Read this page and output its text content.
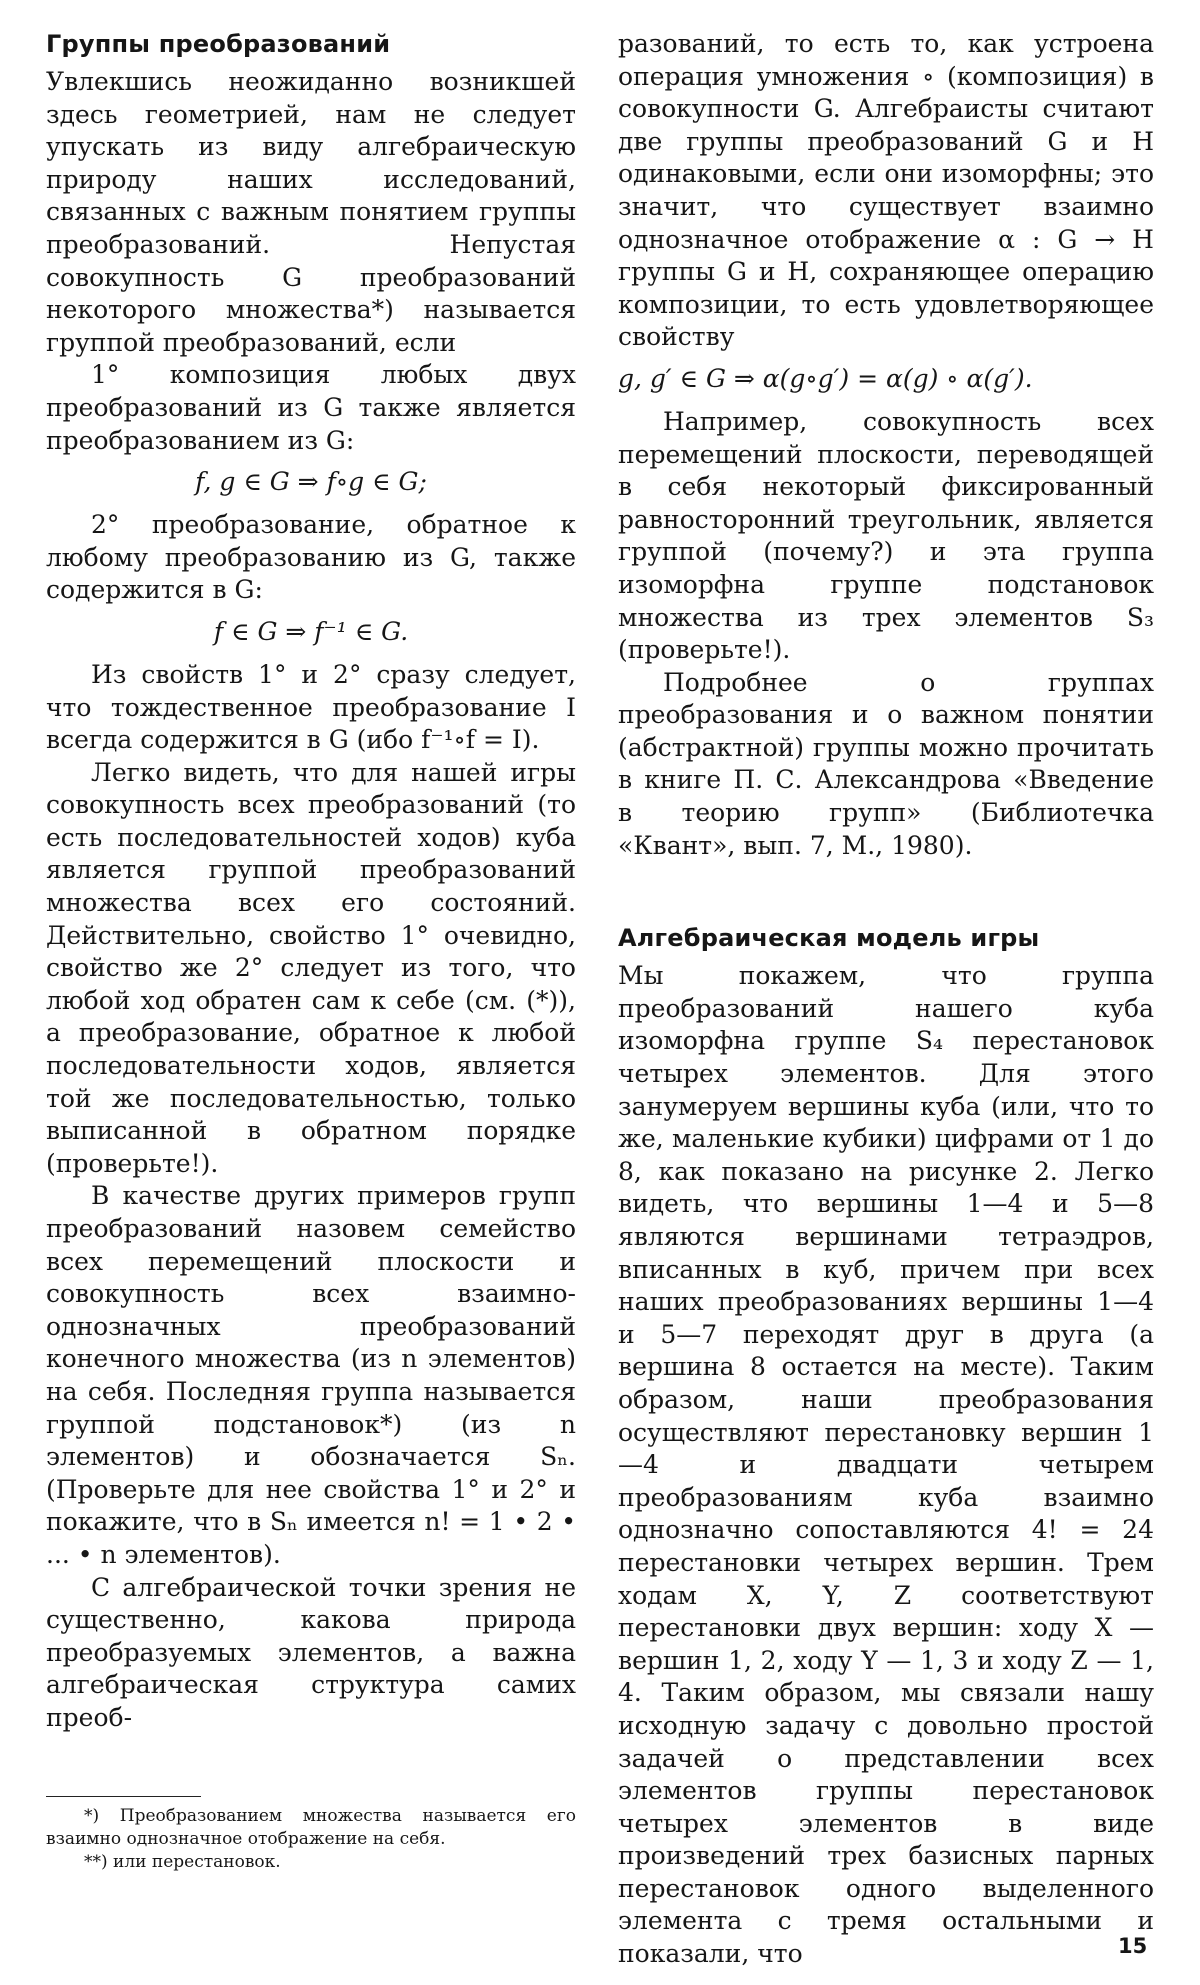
Группы преобразований

Увлекшись неожиданно возникшей здесь геометрией, нам не следует упускать из виду алгебраическую природу наших исследований, связанных с важным понятием группы преобразований. Непустая совокупность G преобразований некоторого множества*) называется группой преобразований, если

1° композиция любых двух преобразований из G также является преобразованием из G:

f, g ∈ G ⇒ f∘g ∈ G;

2° преобразование, обратное к любому преобразованию из G, также содержится в G:

f ∈ G ⇒ f⁻¹ ∈ G.

Из свойств 1° и 2° сразу следует, что тождественное преобразование I всегда содержится в G (ибо f⁻¹∘f = I).

Легко видеть, что для нашей игры совокупность всех преобразований (то есть последовательностей ходов) куба является группой преобразований множества всех его состояний. Действительно, свойство 1° очевидно, свойство же 2° следует из того, что любой ход обратен сам к себе (см. (*)), а преобразование, обратное к любой последовательности ходов, является той же последовательностью, только выписанной в обратном порядке (проверьте!).

В качестве других примеров групп преобразований назовем семейство всех перемещений плоскости и совокупность всех взаимно-однозначных преобразований конечного множества (из n элементов) на себя. Последняя группа называется группой подстановок*) (из n элементов) и обозначается Sₙ. (Проверьте для нее свойства 1° и 2° и покажите, что в Sₙ имеется n! = 1 • 2 • ... • n элементов).

С алгебраической точки зрения не существенно, какова природа преобразуемых элементов, а важна алгебраическая структура самих преоб-

разований, то есть то, как устроена операция умножения ∘ (композиция) в совокупности G. Алгебраисты считают две группы преобразований G и H одинаковыми, если они изоморфны; это значит, что существует взаимно однозначное отображение α : G → H группы G и H, сохраняющее операцию композиции, то есть удовлетворяющее свойству

g, g′ ∈ G ⇒ α(g∘g′) = α(g) ∘ α(g′).

Например, совокупность всех перемещений плоскости, переводящей в себя некоторый фиксированный равносторонний треугольник, является группой (почему?) и эта группа изоморфна группе подстановок множества из трех элементов S₃ (проверьте!).

Подробнее о группах преобразования и о важном понятии (абстрактной) группы можно прочитать в книге П. С. Александрова «Введение в теорию групп» (Библиотечка «Квант», вып. 7, М., 1980).

Алгебраическая модель игры

Мы покажем, что группа преобразований нашего куба изоморфна группе S₄ перестановок четырех элементов. Для этого занумеруем вершины куба (или, что то же, маленькие кубики) цифрами от 1 до 8, как показано на рисунке 2. Легко видеть, что вершины 1—4 и 5—8 являются вершинами тетраэдров, вписанных в куб, причем при всех наших преобразованиях вершины 1—4 и 5—7 переходят друг в друга (а вершина 8 остается на месте). Таким образом, наши преобразования осуществляют перестановку вершин 1—4 и двадцати четырем преобразованиям куба взаимно однозначно сопоставляются 4! = 24 перестановки четырех вершин. Трем ходам X, Y, Z соответствуют перестановки двух вершин: ходу X — вершин 1, 2, ходу Y — 1, 3 и ходу Z — 1, 4. Таким образом, мы связали нашу исходную задачу с довольно простой задачей о представлении всех элементов группы перестановок четырех элементов в виде произведений трех базисных парных перестановок одного выделенного элемента с тремя остальными и показали, что

*) Преобразованием множества называется его взаимно однозначное отображение на себя.

**) или перестановок.

15
